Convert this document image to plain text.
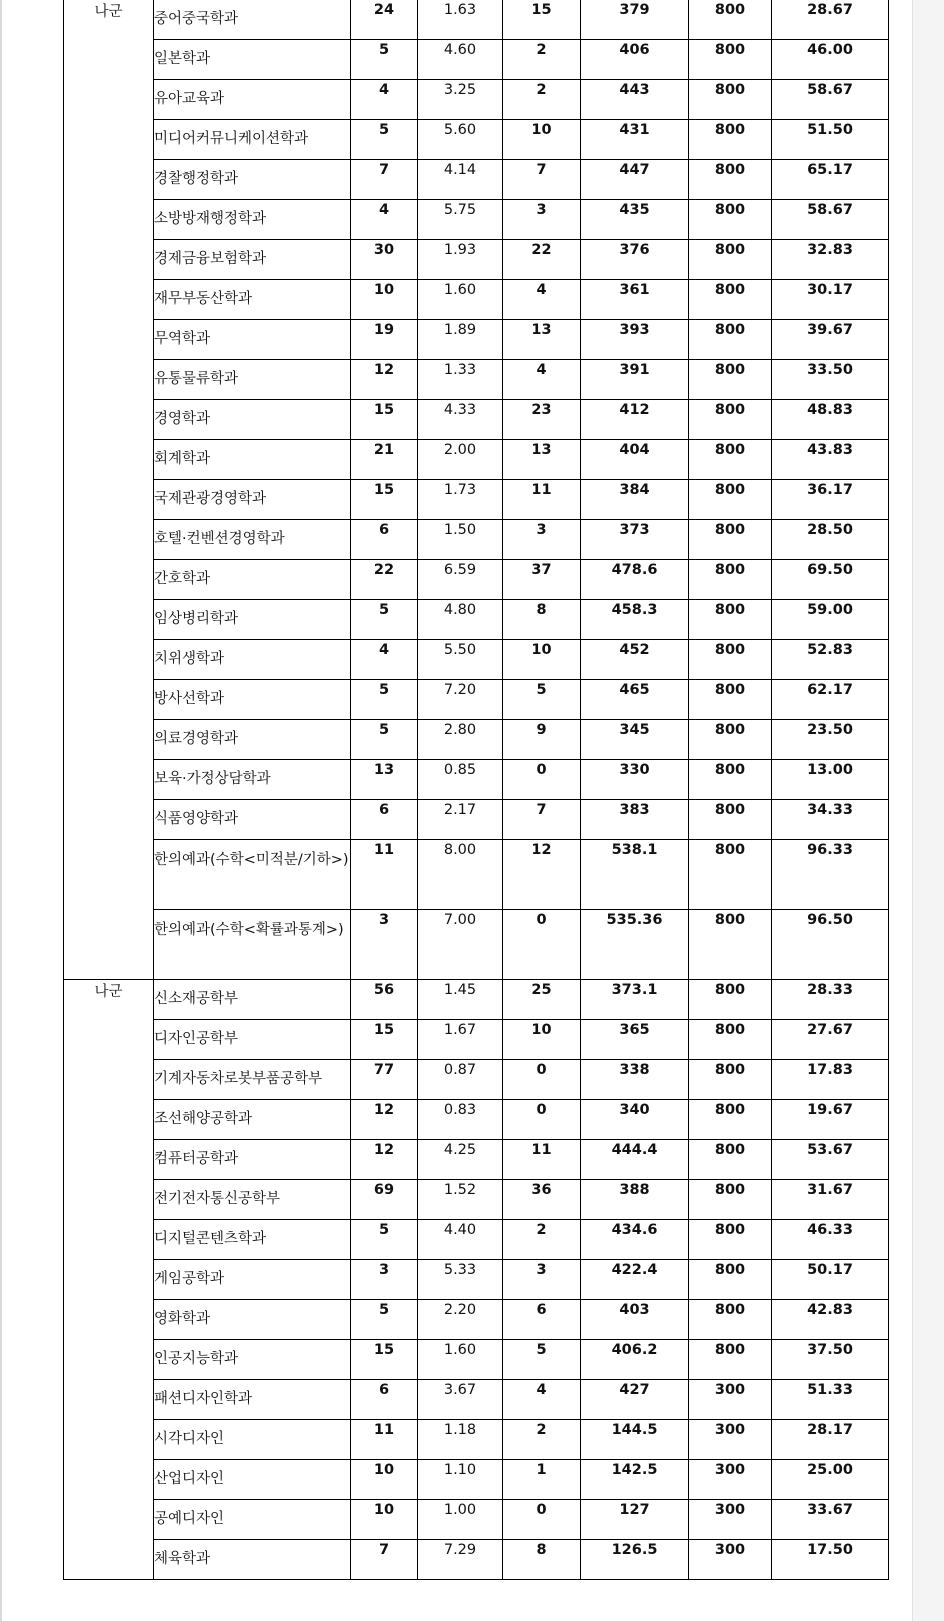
나군	중어중국학과	24	1.63	15	379	800	28.67

	일본학과	5	4.60	2	406	800	46.00

	유아교육과	4	3.25	2	443	800	58.67

	미디어커뮤니케이션학과	5	5.60	10	431	800	51.50

	경찰행정학과	7	4.14	7	447	800	65.17

	소방방재행정학과	4	5.75	3	435	800	58.67

	경제금융보험학과	30	1.93	22	376	800	32.83

	재무부동산학과	10	1.60	4	361	800	30.17

	무역학과	19	1.89	13	393	800	39.67

	유통물류학과	12	1.33	4	391	800	33.50

	경영학과	15	4.33	23	412	800	48.83

	회계학과	21	2.00	13	404	800	43.83

	국제관광경영학과	15	1.73	11	384	800	36.17

	호텔·컨벤션경영학과	6	1.50	3	373	800	28.50

	간호학과	22	6.59	37	478.6	800	69.50

	임상병리학과	5	4.80	8	458.3	800	59.00

	치위생학과	4	5.50	10	452	800	52.83

	방사선학과	5	7.20	5	465	800	62.17

	의료경영학과	5	2.80	9	345	800	23.50

	보육·가정상담학과	13	0.85	0	330	800	13.00

	식품영양학과	6	2.17	7	383	800	34.33

	한의예과(수학<미적분/기하>)	11	8.00	12	538.1	800	96.33

	한의예과(수학<확률과통계>)	3	7.00	0	535.36	800	96.50

나군	신소재공학부	56	1.45	25	373.1	800	28.33

	디자인공학부	15	1.67	10	365	800	27.67

	기계자동차로봇부품공학부	77	0.87	0	338	800	17.83

	조선해양공학과	12	0.83	0	340	800	19.67

	컴퓨터공학과	12	4.25	11	444.4	800	53.67

	전기전자통신공학부	69	1.52	36	388	800	31.67

	디지털콘텐츠학과	5	4.40	2	434.6	800	46.33

	게임공학과	3	5.33	3	422.4	800	50.17

	영화학과	5	2.20	6	403	800	42.83

	인공지능학과	15	1.60	5	406.2	800	37.50

	패션디자인학과	6	3.67	4	427	300	51.33

	시각디자인	11	1.18	2	144.5	300	28.17

	산업디자인	10	1.10	1	142.5	300	25.00

	공예디자인	10	1.00	0	127	300	33.67

	체육학과	7	7.29	8	126.5	300	17.50
